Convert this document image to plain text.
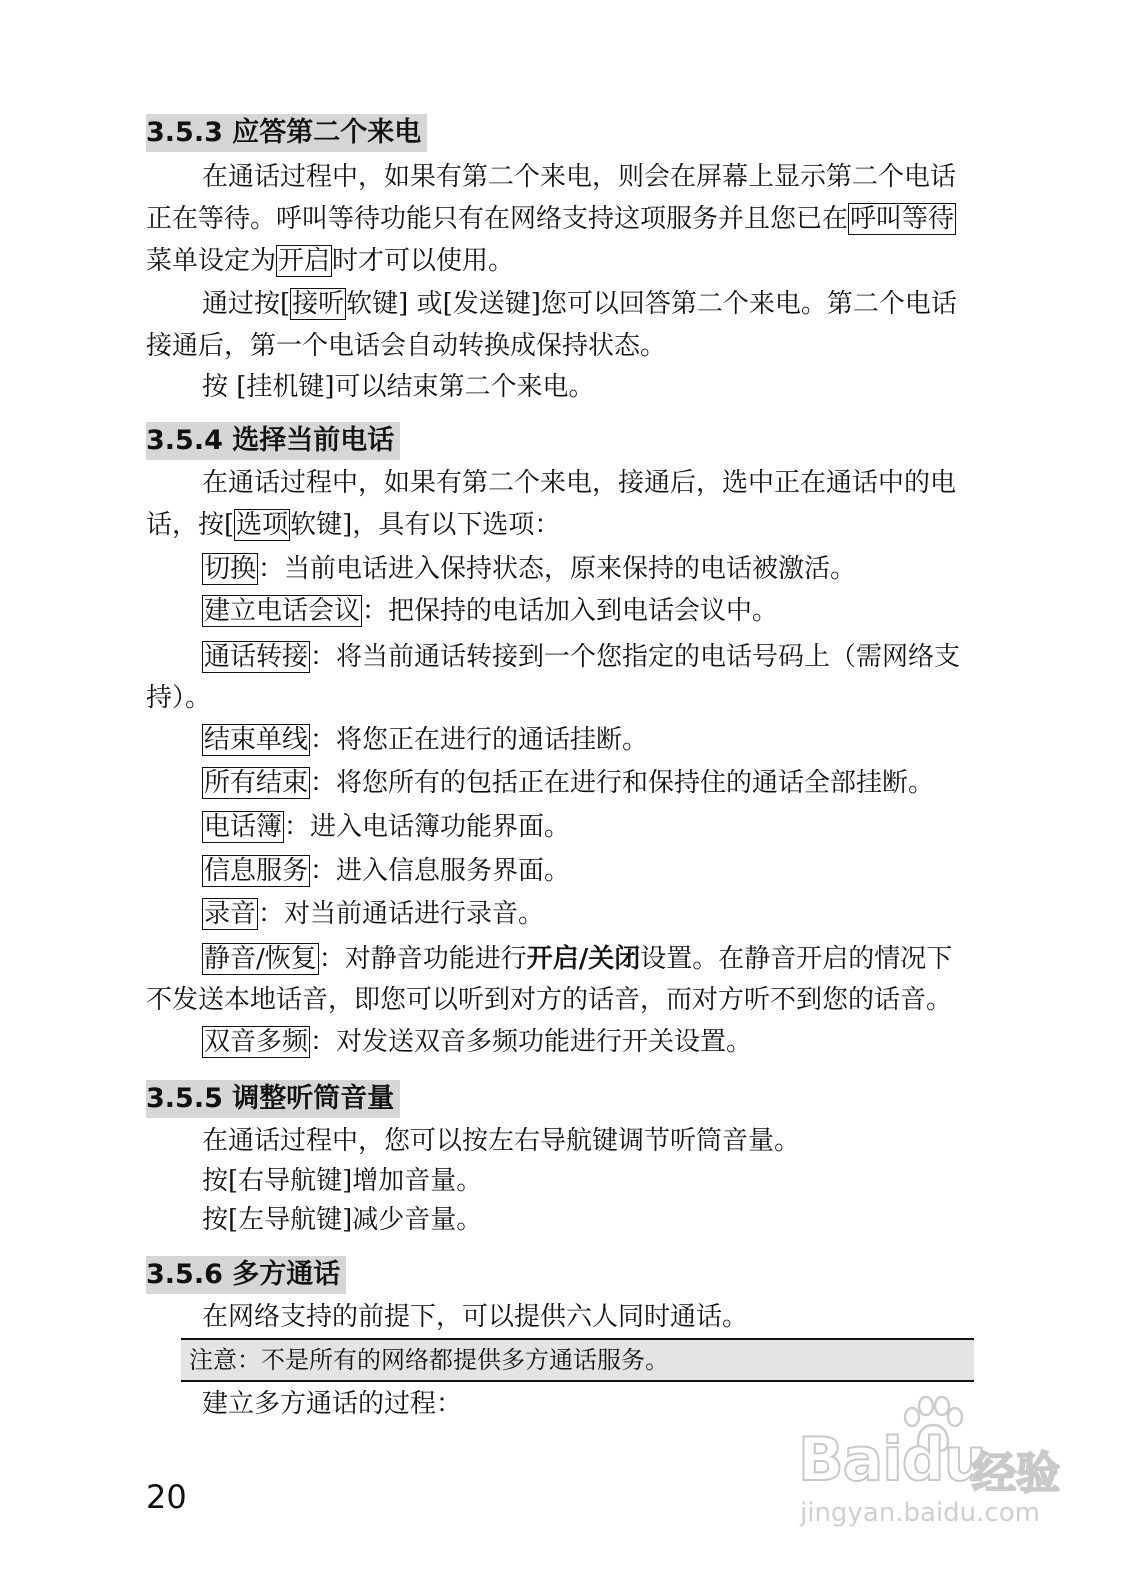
3.5.3 应答第二个来电
在通话过程中，如果有第二个来电，则会在屏幕上显示第二个电话
正在等待。呼叫等待功能只有在网络支持这项服务并且您已在呼叫等待
菜单设定为开启时才可以使用。
通过按[接听软键] 或[发送键]您可以回答第二个来电。第二个电话
接通后，第一个电话会自动转换成保持状态。
按 [挂机键]可以结束第二个来电。
3.5.4 选择当前电话
在通话过程中，如果有第二个来电，接通后，选中正在通话中的电
话，按[选项软键]，具有以下选项：
切换：当前电话进入保持状态，原来保持的电话被激活。
建立电话会议：把保持的电话加入到电话会议中。
通话转接：将当前通话转接到一个您指定的电话号码上（需网络支
持）。
结束单线：将您正在进行的通话挂断。
所有结束：将您所有的包括正在进行和保持住的通话全部挂断。
电话簿：进入电话簿功能界面。
信息服务：进入信息服务界面。
录音：对当前通话进行录音。
静音/恢复：对静音功能进行开启/关闭设置。在静音开启的情况下
不发送本地话音，即您可以听到对方的话音，而对方听不到您的话音。
双音多频：对发送双音多频功能进行开关设置。
3.5.5 调整听筒音量
在通话过程中，您可以按左右导航键调节听筒音量。
按[右导航键]增加音量。
按[左导航键]减少音量。
3.5.6 多方通话
在网络支持的前提下，可以提供六人同时通话。
注意：不是所有的网络都提供多方通话服务。
建立多方通话的过程：
20
Baidu
经验
jingyan.baidu.com
